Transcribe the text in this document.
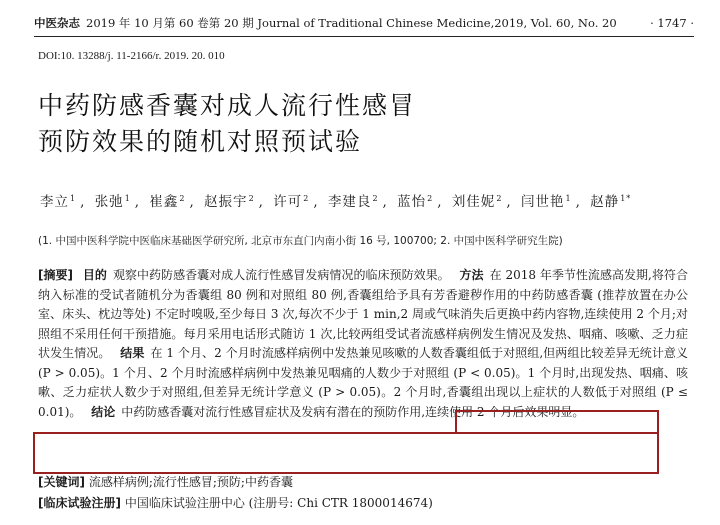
中医杂志 2019 年 10 月第 60 卷第 20 期 Journal of Traditional Chinese Medicine,2019, Vol. 60, No. 20	· 1747 ·
DOI:10. 13288/j. 11-2166/r. 2019. 20. 010
中药防感香囊对成人流行性感冒
预防效果的随机对照预试验
李立$^1$ , 张弛$^1$ , 崔鑫$^2$ , 赵振宇$^2$ , 许可$^2$ , 李建良$^2$ , 蓝怡$^2$ , 刘佳妮$^2$ , 闫世艳$^1$ , 赵静$^{1*}$
(1. 中国中医科学院中医临床基础医学研究所, 北京市东直门内南小街 16 号, 100700; 2. 中国中医科学研究生院)

[摘要] 目的 观察中药防感香囊对成人流行性感冒发病情况的临床预防效果。 方法 在 2018 年季节性流感高发期,将符合纳入标准的受试者随机分为香囊组 80 例和对照组 80 例,香囊组给予具有芳香避秽作用的中药防感香囊 (推荐放置在办公室、床头、枕边等处) 不定时嗅吸,至少每日 3 次,每次不少于 1 min,2 周或气味消失后更换中药内容物,连续使用 2 个月;对照组不采用任何干预措施。每月采用电话形式随访 1 次,比较两组受试者流感样病例发生情况及发热、咽痛、咳嗽、乏力症状发生情况。 结果 在 1 个月、2 个月时流感样病例中发热兼见咳嗽的人数香囊组低于对照组,但两组比较差异无统计意义 (P > 0.05)。1 个月、2 个月时流感样病例中发热兼见咽痛的人数少于对照组 (P < 0.05)。1 个月时,出现发热、咽痛、咳嗽、乏力症状人数少于对照组,但差异无统计学意义 (P > 0.05)。2 个月时,香囊组出现以上症状的人数低于对照组 (P ≤ 0.01)。 结论 中药防感香囊对流行性感冒症状及发病有潜在的预防作用,连续使用 2 个月后效果明显。

[关键词] 流感样病例;流行性感冒;预防;中药香囊
[临床试验注册] 中国临床试验注册中心 (注册号: Chi CTR 1800014674)
